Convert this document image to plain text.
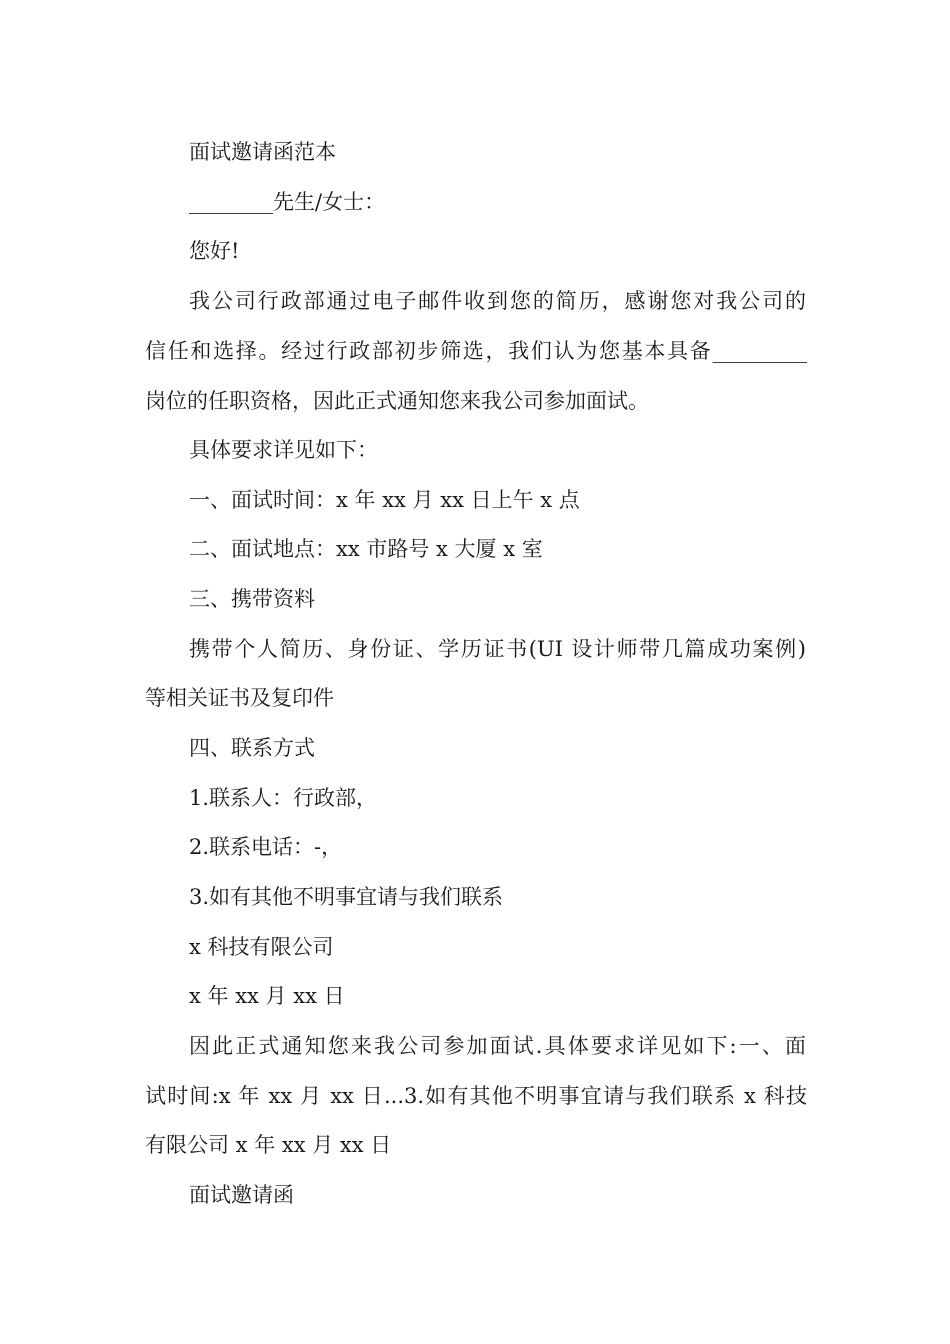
面试邀请函范本

________先生/女士：

您好!

我公司行政部通过电子邮件收到您的简历，感谢您对我公司的

信任和选择。经过行政部初步筛选，我们认为您基本具备_________

岗位的任职资格，因此正式通知您来我公司参加面试。

具体要求详见如下：

一、面试时间：x 年 xx 月 xx 日上午 x 点

二、面试地点：xx 市路号 x 大厦 x 室

三、携带资料

携带个人简历、身份证、学历证书(UI 设计师带几篇成功案例)

等相关证书及复印件

四、联系方式

1.联系人：行政部，

2.联系电话：-，

3.如有其他不明事宜请与我们联系

x 科技有限公司

x 年 xx 月 xx 日

因此正式通知您来我公司参加面试.具体要求详见如下:一、面

试时间:x 年 xx 月 xx 日...3.如有其他不明事宜请与我们联系 x 科技

有限公司 x 年 xx 月 xx 日

面试邀请函
